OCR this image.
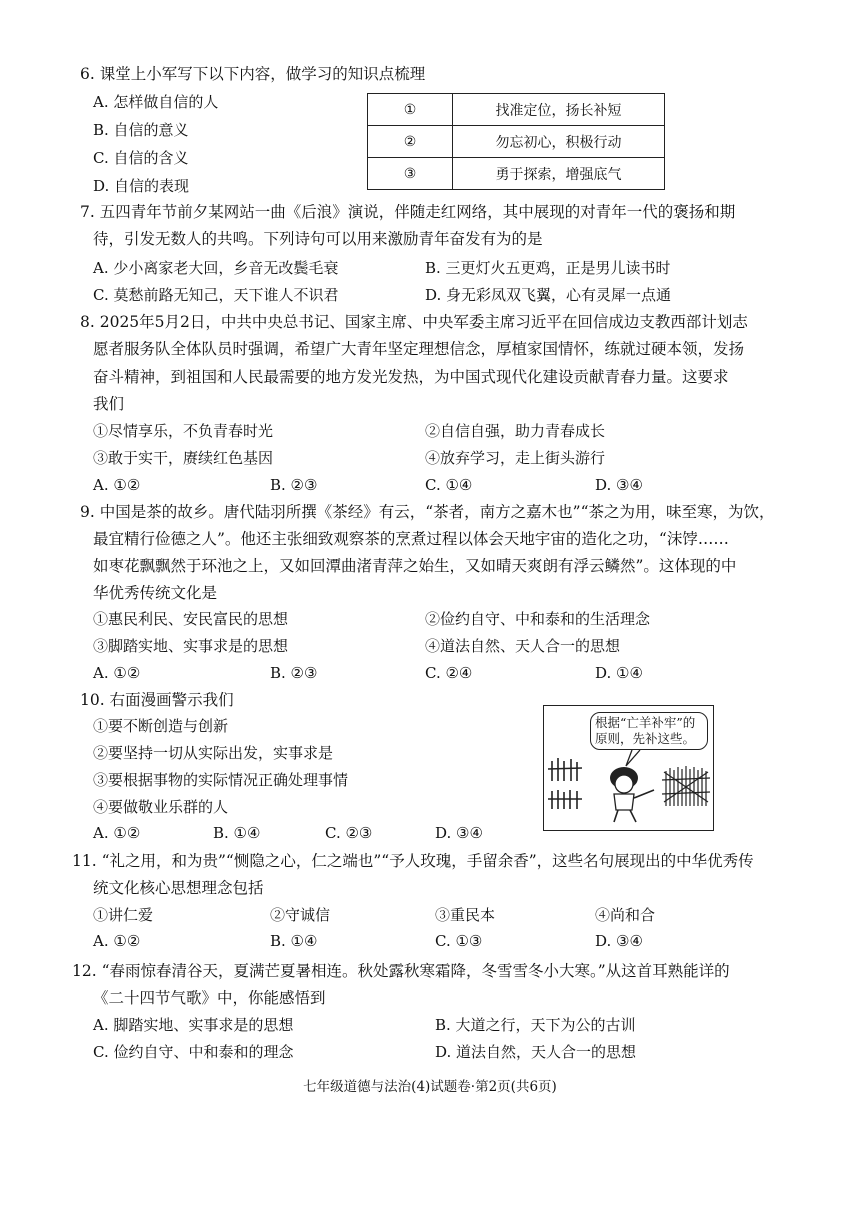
6. 课堂上小军写下以下内容，做学习的知识点梳理
A. 怎样做自信的人
B. 自信的意义
C. 自信的含义
D. 自信的表现
①	找准定位，扬长补短
②	勿忘初心，积极行动
③	勇于探索，增强底气
7. 五四青年节前夕某网站一曲《后浪》演说，伴随走红网络，其中展现的对青年一代的褒扬和期
待，引发无数人的共鸣。下列诗句可以用来激励青年奋发有为的是
A. 少小离家老大回，乡音无改鬓毛衰	B. 三更灯火五更鸡，正是男儿读书时
C. 莫愁前路无知己，天下谁人不识君	D. 身无彩凤双飞翼，心有灵犀一点通
8. 2025年5月2日，中共中央总书记、国家主席、中央军委主席习近平在回信成边支教西部计划志
愿者服务队全体队员时强调，希望广大青年坚定理想信念，厚植家国情怀，练就过硬本领，发扬
奋斗精神，到祖国和人民最需要的地方发光发热，为中国式现代化建设贡献青春力量。这要求
我们
①尽情享乐，不负青春时光	②自信自强，助力青春成长
③敢于实干，赓续红色基因	④放弃学习，走上街头游行
A. ①②	B. ②③	C. ①④	D. ③④
9. 中国是茶的故乡。唐代陆羽所撰《茶经》有云，“茶者，南方之嘉木也”“茶之为用，味至寒，为饮，
最宜精行俭德之人”。他还主张细致观察茶的烹煮过程以体会天地宇宙的造化之功，“沫饽……
如枣花飘飘然于环池之上，又如回潭曲渚青萍之始生，又如晴天爽朗有浮云鳞然”。这体现的中
华优秀传统文化是
①惠民利民、安民富民的思想	②俭约自守、中和泰和的生活理念
③脚踏实地、实事求是的思想	④道法自然、天人合一的思想
A. ①②	B. ②③	C. ②④	D. ①④
10. 右面漫画警示我们
①要不断创造与创新
②要坚持一切从实际出发，实事求是
③要根据事物的实际情况正确处理事情
④要做敬业乐群的人
A. ①②	B. ①④	C. ②③	D. ③④
根据“亡羊补牢”的原则，先补这些。
11. “礼之用，和为贵”“恻隐之心，仁之端也”“予人玫瑰，手留余香”，这些名句展现出的中华优秀传
统文化核心思想理念包括
①讲仁爱	②守诚信	③重民本	④尚和合
A. ①②	B. ①④	C. ①③	D. ③④
12. “春雨惊春清谷天，夏满芒夏暑相连。秋处露秋寒霜降，冬雪雪冬小大寒。”从这首耳熟能详的
《二十四节气歌》中，你能感悟到
A. 脚踏实地、实事求是的思想	B. 大道之行，天下为公的古训
C. 俭约自守、中和泰和的理念	D. 道法自然，天人合一的思想
七年级道德与法治(4)试题卷·第2页(共6页)
